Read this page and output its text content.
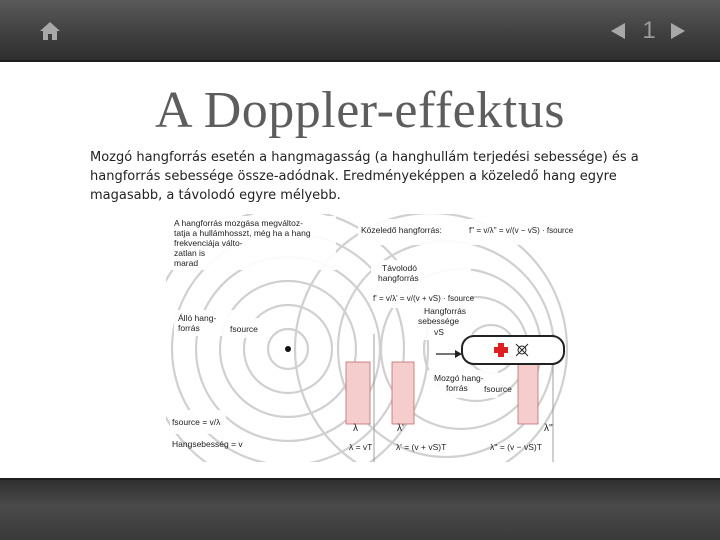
1
A Doppler-effektus
Mozgó hangforrás esetén a hangmagasság (a hanghullám terjedési sebessége) és a hangforrás sebessége össze-adódnak. Eredményeképpen a közeledő hang egyre magasabb, a távolodó egyre mélyebb.
A hangforrás mozgása megváltoz-
tatja a hullámhosszt, még ha a hang
frekvenciája válto-
zatlan is
marad
Közeledő hangforrás:	f'' = v/λ'' = v/(v − vS) · fsource
Távolodó
hangforrás
f' = v/λ' = v/(v + vS) · fsource
Álló hang-
forrás	fsource
Hangforrás
sebessége
vS
Mozgó hang-
forrás fsource
fsource = v/λ
Hangsebesség = v
λ	λ'	λ''
λ = vT	λ' = (v + vS)T	λ'' = (v − vS)T
